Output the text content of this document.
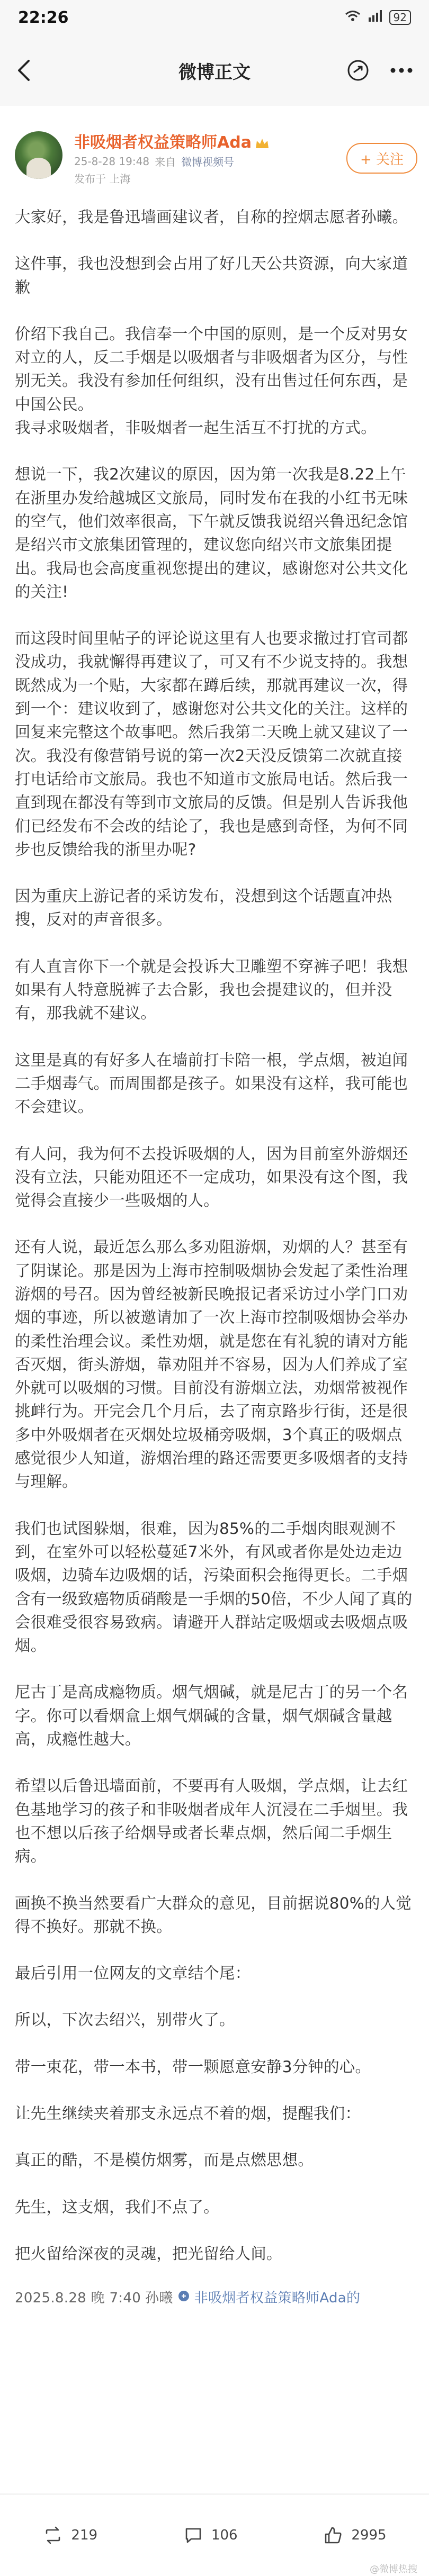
22:26	92
微博正文
非吸烟者权益策略师Ada
25-8-28 19:48 来自 微博视频号
发布于 上海
+ 关注

大家好，我是鲁迅墙画建议者，自称的控烟志愿者孙曦。

这件事，我也没想到会占用了好几天公共资源，向大家道歉

价绍下我自己。我信奉一个中国的原则，是一个反对男女对立的人，反二手烟是以吸烟者与非吸烟者为区分，与性别无关。我没有参加任何组织，没有出售过任何东西，是中国公民。
我寻求吸烟者，非吸烟者一起生活互不打扰的方式。

想说一下，我2次建议的原因，因为第一次我是8.22上午在浙里办发给越城区文旅局，同时发布在我的小红书无味的空气，他们效率很高，下午就反馈我说绍兴鲁迅纪念馆是绍兴市文旅集团管理的，建议您向绍兴市文旅集团提出。我局也会高度重视您提出的建议，感谢您对公共文化的关注!

而这段时间里帖子的评论说这里有人也要求撤过打官司都没成功，我就懈得再建议了，可又有不少说支持的。我想既然成为一个贴，大家都在蹲后续，那就再建议一次，得到一个：建议收到了，感谢您对公共文化的关注。这样的回复来完整这个故事吧。然后我第二天晚上就又建议了一次。我没有像营销号说的第一次2天没反馈第二次就直接打电话给市文旅局。我也不知道市文旅局电话。然后我一直到现在都没有等到市文旅局的反馈。但是别人告诉我他们已经发布不会改的结论了，我也是感到奇怪，为何不同步也反馈给我的浙里办呢?

因为重庆上游记者的采访发布，没想到这个话题直冲热搜，反对的声音很多。

有人直言你下一个就是会投诉大卫雕塑不穿裤子吧！我想如果有人特意脱裤子去合影，我也会提建议的，但并没有，那我就不建议。

这里是真的有好多人在墙前打卡陪一根，学点烟，被迫闻二手烟毒气。而周围都是孩子。如果没有这样，我可能也不会建议。

有人问，我为何不去投诉吸烟的人，因为目前室外游烟还没有立法，只能劝阻还不一定成功，如果没有这个图，我觉得会直接少一些吸烟的人。

还有人说，最近怎么那么多劝阻游烟，劝烟的人？甚至有了阴谋论。那是因为上海市控制吸烟协会发起了柔性治理游烟的号召。因为曾经被新民晚报记者采访过小学门口劝烟的事迹，所以被邀请加了一次上海市控制吸烟协会举办的柔性治理会议。柔性劝烟，就是您在有礼貌的请对方能否灭烟，街头游烟，靠劝阻并不容易，因为人们养成了室外就可以吸烟的习惯。目前没有游烟立法，劝烟常被视作挑衅行为。开完会几个月后，去了南京路步行街，还是很多中外吸烟者在灭烟处垃圾桶旁吸烟，3个真正的吸烟点感觉很少人知道，游烟治理的路还需要更多吸烟者的支持与理解。

我们也试图躲烟，很难，因为85%的二手烟肉眼观测不到，在室外可以轻松蔓延7米外，有风或者你是处边走边吸烟，边骑车边吸烟的话，污染面积会拖得更长。二手烟含有一级致癌物质硝酸是一手烟的50倍，不少人闻了真的会很难受很容易致病。请避开人群站定吸烟或去吸烟点吸烟。

尼古丁是高成瘾物质。烟气烟碱，就是尼古丁的另一个名字。你可以看烟盒上烟气烟碱的含量，烟气烟碱含量越高，成瘾性越大。

希望以后鲁迅墙面前，不要再有人吸烟，学点烟，让去红色基地学习的孩子和非吸烟者成年人沉浸在二手烟里。我也不想以后孩子给烟导或者长辈点烟，然后闻二手烟生病。

画换不换当然要看广大群众的意见，目前据说80%的人觉得不换好。那就不换。

最后引用一位网友的文章结个尾：

所以，下次去绍兴，别带火了。

带一束花，带一本书，带一颗愿意安静3分钟的心。

让先生继续夹着那支永远点不着的烟，提醒我们：

真正的酷，不是模仿烟雾，而是点燃思想。

先生，这支烟，我们不点了。

把火留给深夜的灵魂，把光留给人间。

2025.8.28 晚 7:40 孙曦 非吸烟者权益策略师Ada的
219	106	2995
@微博热搜
